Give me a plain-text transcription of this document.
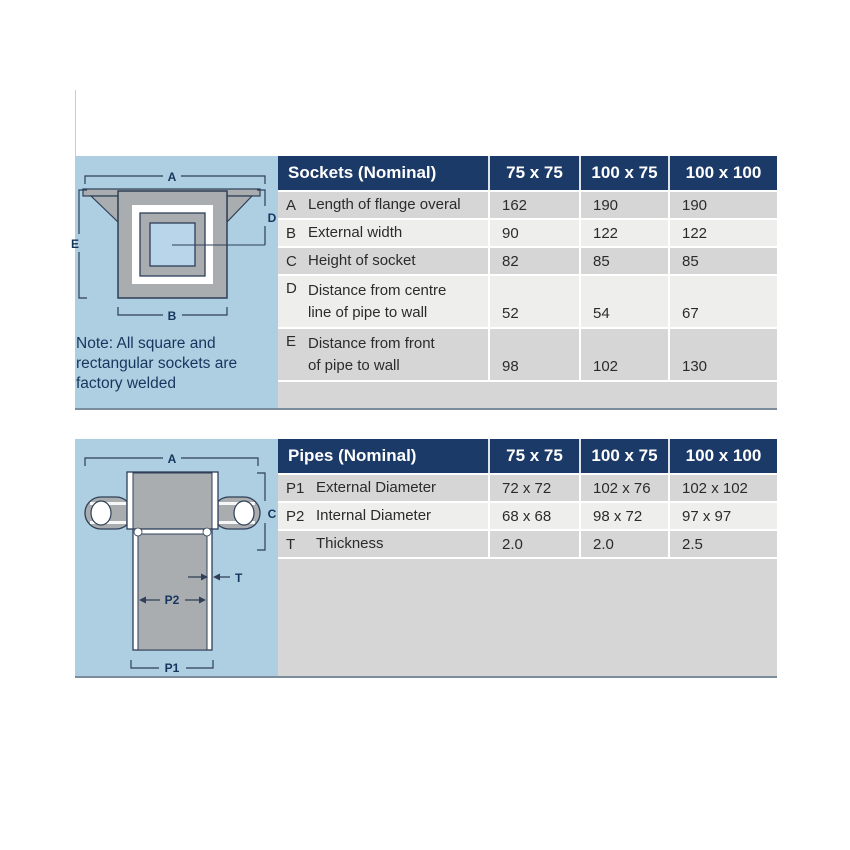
A
E
D
B
Note: All square and
rectangular sockets are
factory welded
Sockets (Nominal)	75 x 75	100 x 75	100 x 100
A Length of flange overal	162	190	190
B External width	90	122	122
C Height of socket	82	85	85
D Distance from centre
line of pipe to wall	52	54	67
E Distance from front
of pipe to wall	98	102	130
A
C
T
P2
P1
Pipes (Nominal)	75 x 75	100 x 75	100 x 100
P1 External Diameter	72 x 72	102 x 76	102 x 102
P2 Internal Diameter	68 x 68	98 x 72	97 x 97
T	Thickness	2.0	2.0	2.5
